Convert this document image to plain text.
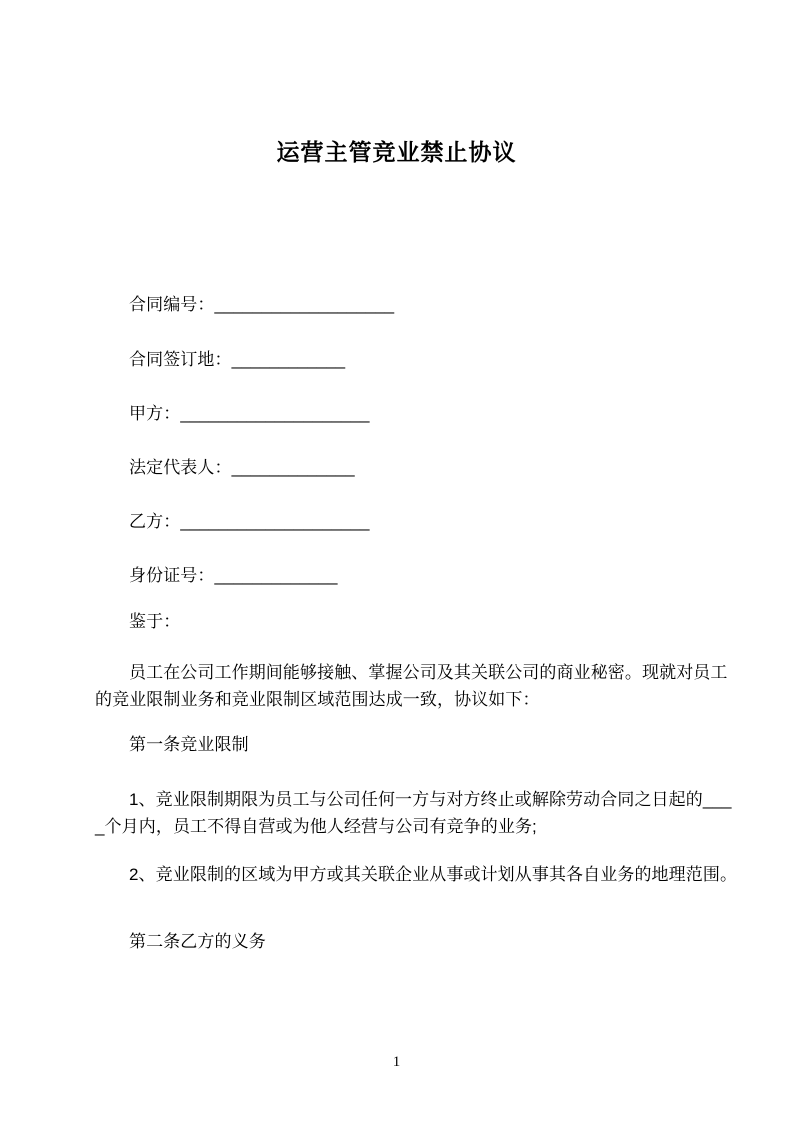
运营主管竞业禁止协议
合同编号：___________________
合同签订地：____________
甲方：____________________
法定代表人：_____________
乙方：____________________
身份证号：_____________
鉴于：
员工在公司工作期间能够接触、掌握公司及其关联公司的商业秘密。现就对员工
的竞业限制业务和竞业限制区域范围达成一致，协议如下：
第一条竞业限制
1、竞业限制期限为员工与公司任何一方与对方终止或解除劳动合同之日起的___
_个月内，员工不得自营或为他人经营与公司有竞争的业务;
2、竞业限制的区域为甲方或其关联企业从事或计划从事其各自业务的地理范围。
第二条乙方的义务
1
